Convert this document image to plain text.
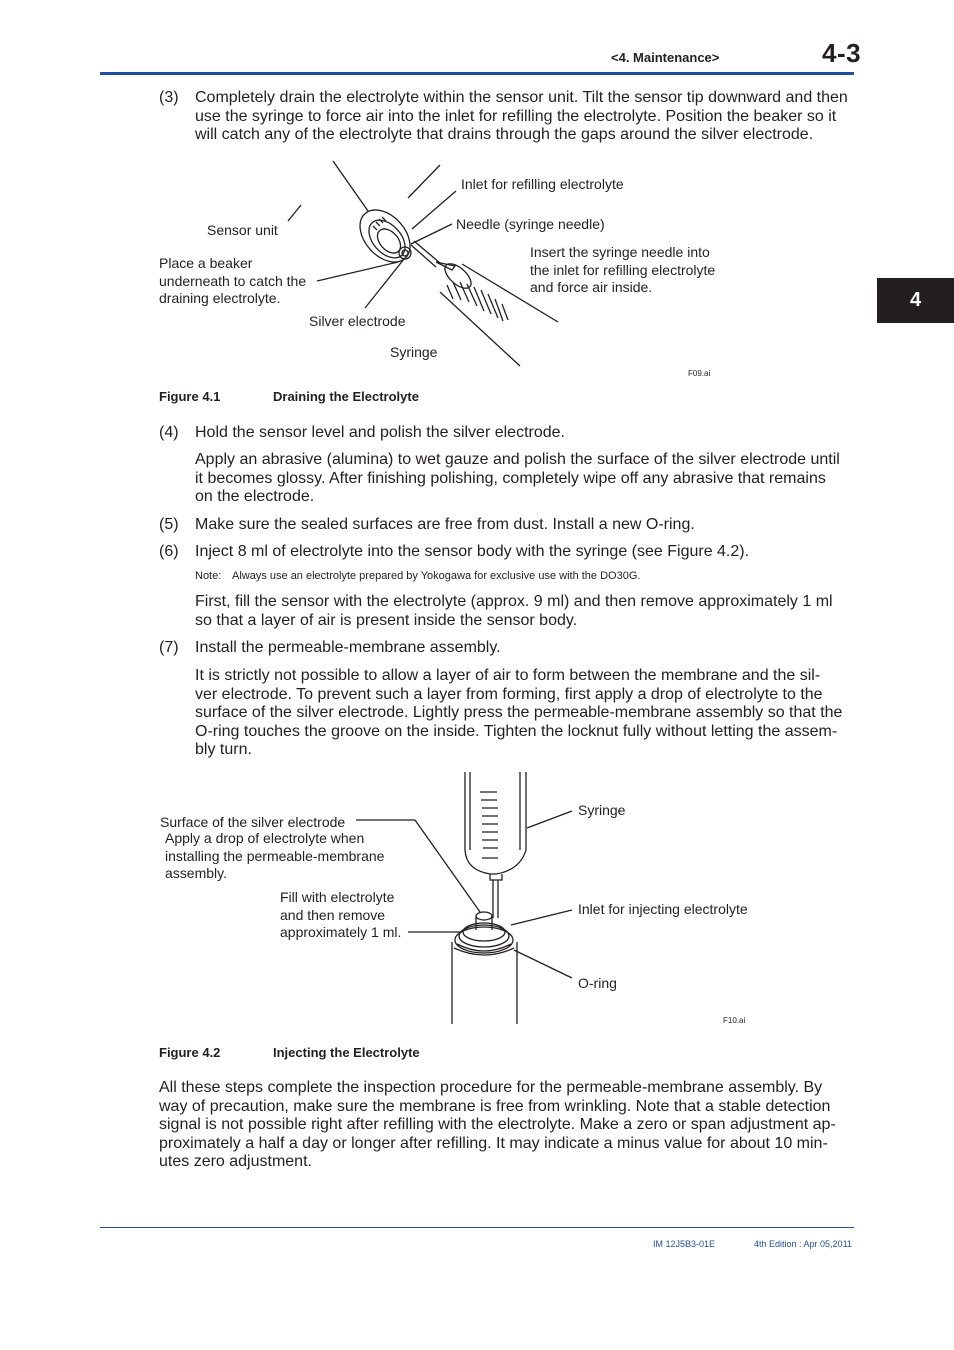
<4. Maintenance>	4-3
4
(3) Completely drain the electrolyte within the sensor unit. Tilt the sensor tip downward and then
use the syringe to force air into the inlet for refilling the electrolyte. Position the beaker so it
will catch any of the electrolyte that drains through the gaps around the silver electrode.
Inlet for refilling electrolyte
Sensor unit	Needle (syringe needle)
Place a beaker
underneath to catch the
draining electrolyte.
Insert the syringe needle into
the inlet for refilling electrolyte
and force air inside.
Silver electrode
Syringe
F09.ai
Figure 4.1	Draining the Electrolyte
(4) Hold the sensor level and polish the silver electrode.
Apply an abrasive (alumina) to wet gauze and polish the surface of the silver electrode until
it becomes glossy. After finishing polishing, completely wipe off any abrasive that remains
on the electrode.
(5) Make sure the sealed surfaces are free from dust. Install a new O-ring.
(6) Inject 8 ml of electrolyte into the sensor body with the syringe (see Figure 4.2).
Note: Always use an electrolyte prepared by Yokogawa for exclusive use with the DO30G.
First, fill the sensor with the electrolyte (approx. 9 ml) and then remove approximately 1 ml
so that a layer of air is present inside the sensor body.
(7) Install the permeable-membrane assembly.
It is strictly not possible to allow a layer of air to form between the membrane and the sil-
ver electrode. To prevent such a layer from forming, first apply a drop of electrolyte to the
surface of the silver electrode. Lightly press the permeable-membrane assembly so that the
O-ring touches the groove on the inside. Tighten the locknut fully without letting the assem-
bly turn.
Surface of the silver electrode
Apply a drop of electrolyte when
installing the permeable-membrane
assembly.
Fill with electrolyte
and then remove
approximately 1 ml.
Syringe
Inlet for injecting electrolyte
O-ring
F10.ai
Figure 4.2	Injecting the Electrolyte
All these steps complete the inspection procedure for the permeable-membrane assembly. By
way of precaution, make sure the membrane is free from wrinkling. Note that a stable detection
signal is not possible right after refilling with the electrolyte. Make a zero or span adjustment ap-
proximately a half a day or longer after refilling. It may indicate a minus value for about 10 min-
utes zero adjustment.
IM 12J5B3-01E	4th Edition : Apr 05,2011
